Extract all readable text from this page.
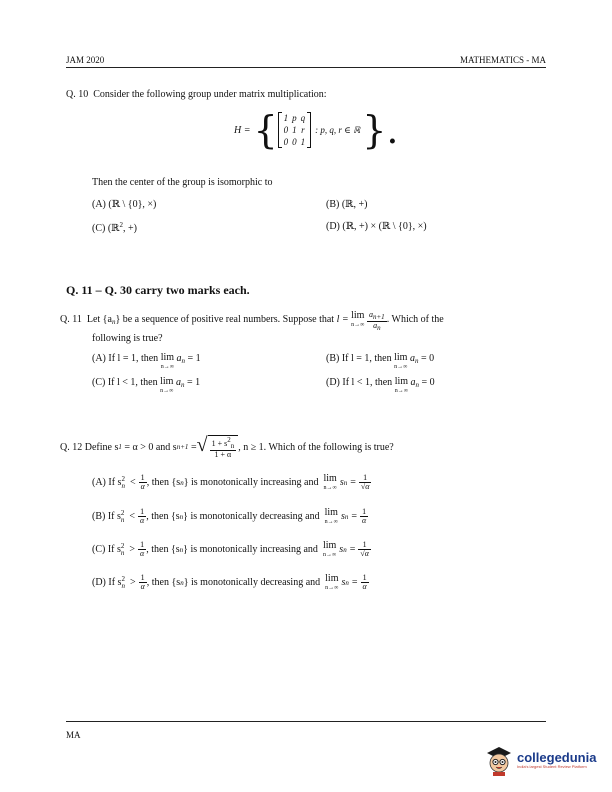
JAM 2020	MATHEMATICS - MA
Q. 10 Consider the following group under matrix multiplication:
H = { 1	p	q
0	1	r
0	0	1
: p, q, r ∈ ℝ }.
Then the center of the group is isomorphic to
(A) (ℝ \ {0}, ×)	(B) (ℝ, +)
(C) (ℝ$^2$, +)	(D) (ℝ, +) × (ℝ \ {0}, ×)
Q. 11 – Q. 30 carry two marks each.
Q. 11 Let $\{a_n\}$ be a sequence of positive real numbers. Suppose that l = lim
n→∞
$\frac{an+1}{an}$ . Which of the
following is true?
(A) If l = 1, then lim
n→∞
$a_n = 1$	(B) If l = 1, then lim
n→∞
$a_n = 0$
(C) If l < 1, then lim
n→∞
$a_n = 1$	(D) If l < 1, then lim
n→∞
$a_n = 0$
Q. 12
Define s 1
= α > 0 and s n+1
= √ $\frac{1 + s2n}{1 + \alpha}$ , n ≥ 1. Which of the following is true?
(A) If s 2
$n < \frac{1}{\alpha}$ , then {s n } is monotonically increasing and lim
n→∞ s $n = \frac{1}{√\alpha}$
(B) If s 2
$n < \frac{1}{\alpha}$ , then {s n } is monotonically decreasing and lim
n→∞ s $n = \frac{1}{\alpha}$
(C) If s 2
$n > \frac{1}{\alpha}$ , then {s n } is monotonically increasing and lim
n→∞ s $n = \frac{1}{√\alpha}$
(D) If s 2
$n > \frac{1}{\alpha}$ , then {s n } is monotonically decreasing and lim
n→∞ s $n = \frac{1}{\alpha}$
MA
collegedunia
India's largest Student Review Platform
